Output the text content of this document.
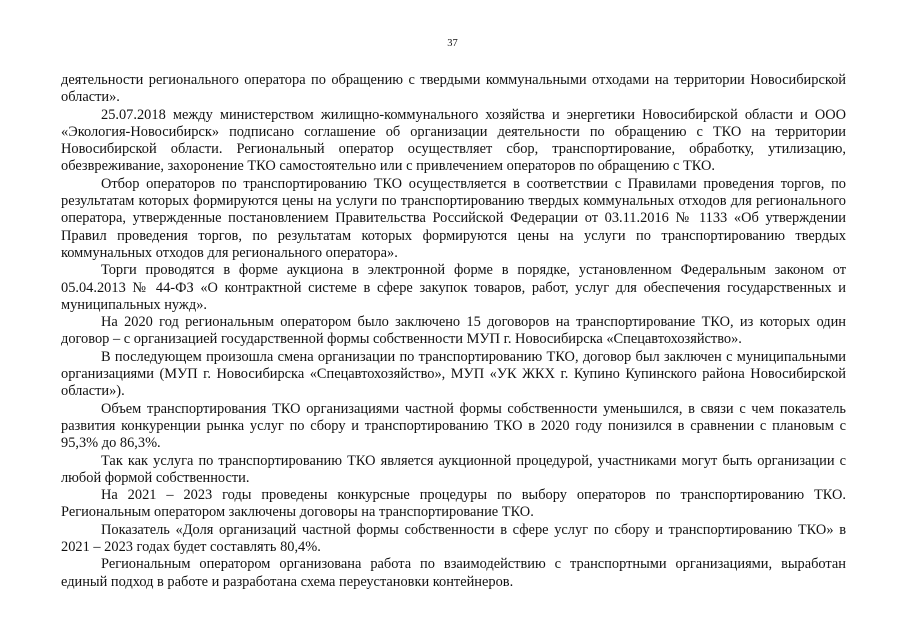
37

деятельности регионального оператора по обращению с твердыми коммунальными отходами на территории Новосибирской области».

25.07.2018 между министерством жилищно-коммунального хозяйства и энергетики Новосибирской области и ООО «Экология-Новосибирск» подписано соглашение об организации деятельности по обращению с ТКО на территории Новосибирской области. Региональный оператор осуществляет сбор, транспортирование, обработку, утилизацию, обезвреживание, захоронение ТКО самостоятельно или с привлечением операторов по обращению с ТКО.

Отбор операторов по транспортированию ТКО осуществляется в соответствии с Правилами проведения торгов, по результатам которых формируются цены на услуги по транспортированию твердых коммунальных отходов для регионального оператора, утвержденные постановлением Правительства Российской Федерации от 03.11.2016 № 1133 «Об утверждении Правил проведения торгов, по результатам которых формируются цены на услуги по транспортированию твердых коммунальных отходов для регионального оператора».

Торги проводятся в форме аукциона в электронной форме в порядке, установленном Федеральным законом от 05.04.2013 № 44-ФЗ «О контрактной системе в сфере закупок товаров, работ, услуг для обеспечения государственных и муниципальных нужд».

На 2020 год региональным оператором было заключено 15 договоров на транспортирование ТКО, из которых один договор – с организацией государственной формы собственности МУП г. Новосибирска «Спецавтохозяйство».

В последующем произошла смена организации по транспортированию ТКО, договор был заключен с муниципальными организациями (МУП г. Новосибирска «Спецавтохозяйство», МУП «УК ЖКХ г. Купино Купинского района Новосибирской области»).

Объем транспортирования ТКО организациями частной формы собственности уменьшился, в связи с чем показатель развития конкуренции рынка услуг по сбору и транспортированию ТКО в 2020 году понизился в сравнении с плановым с 95,3% до 86,3%.

Так как услуга по транспортированию ТКО является аукционной процедурой, участниками могут быть организации с любой формой собственности.

На 2021 – 2023 годы проведены конкурсные процедуры по выбору операторов по транспортированию ТКО. Региональным оператором заключены договоры на транспортирование ТКО.

Показатель «Доля организаций частной формы собственности в сфере услуг по сбору и транспортированию ТКО» в 2021 – 2023 годах будет составлять 80,4%.

Региональным оператором организована работа по взаимодействию с транспортными организациями, выработан единый подход в работе и разработана схема переустановки контейнеров.
